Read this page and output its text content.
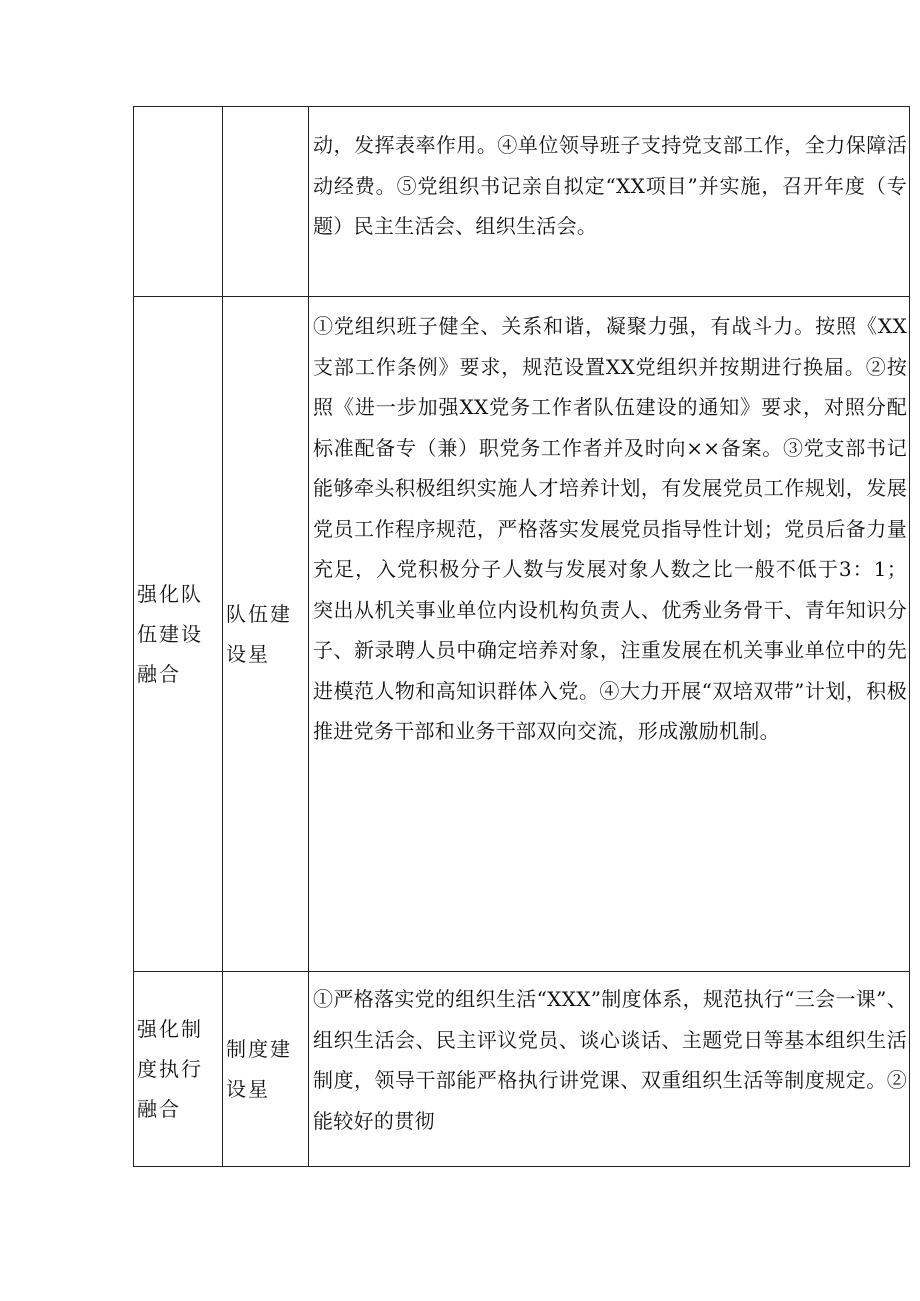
		动，发挥表率作用。④单位领导班子支持党支部工作，全力保障活动经费。⑤党组织书记亲自拟定“XX项目”并实施，召开年度（专题）民主生活会、组织生活会。

强化队伍建设融合	队伍建设星	①党组织班子健全、关系和谐，凝聚力强，有战斗力。按照《XX支部工作条例》要求，规范设置XX党组织并按期进行换届。②按照《进一步加强XX党务工作者队伍建设的通知》要求，对照分配标准配备专（兼）职党务工作者并及时向××备案。③党支部书记能够牵头积极组织实施人才培养计划，有发展党员工作规划，发展党员工作程序规范，严格落实发展党员指导性计划；党员后备力量充足，入党积极分子人数与发展对象人数之比一般不低于3：1；突出从机关事业单位内设机构负责人、优秀业务骨干、青年知识分子、新录聘人员中确定培养对象，注重发展在机关事业单位中的先进模范人物和高知识群体入党。④大力开展“双培双带”计划，积极推进党务干部和业务干部双向交流，形成激励机制。

强化制度执行融合	制度建设星	①严格落实党的组织生活“XXX”制度体系，规范执行“三会一课”、组织生活会、民主评议党员、谈心谈话、主题党日等基本组织生活制度，领导干部能严格执行讲党课、双重组织生活等制度规定。②能较好的贯彻
